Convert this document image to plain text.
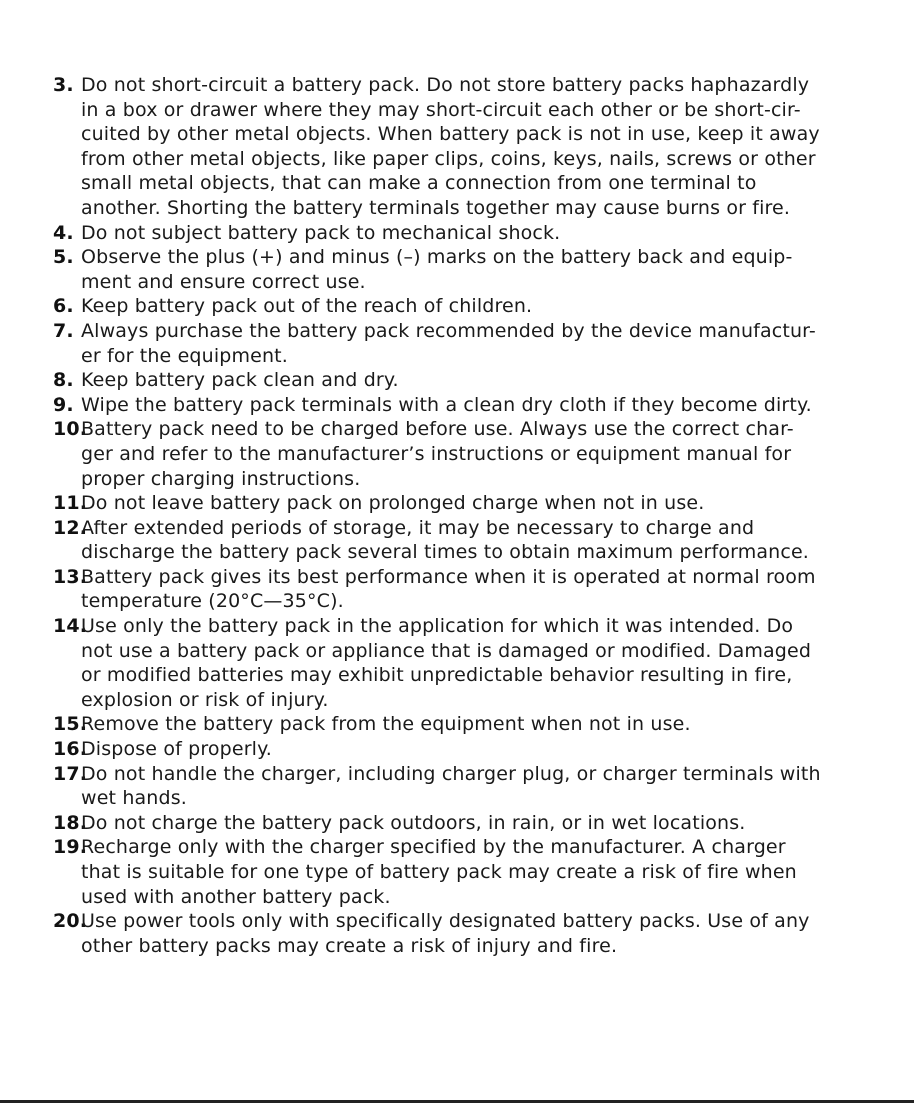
3. Do not short-circuit a battery pack. Do not store battery packs haphazardly
in a box or drawer where they may short-circuit each other or be short-cir-
cuited by other metal objects. When battery pack is not in use, keep it away
from other metal objects, like paper clips, coins, keys, nails, screws or other
small metal objects, that can make a connection from one terminal to
another. Shorting the battery terminals together may cause burns or fire.
4. Do not subject battery pack to mechanical shock.
5. Observe the plus (+) and minus (–) marks on the battery back and equip-
ment and ensure correct use.
6. Keep battery pack out of the reach of children.
7. Always purchase the battery pack recommended by the device manufactur-
er for the equipment.
8. Keep battery pack clean and dry.
9. Wipe the battery pack terminals with a clean dry cloth if they become dirty.
10.
Battery pack need to be charged before use. Always use the correct char-
ger and refer to the manufacturer’s instructions or equipment manual for
proper charging instructions.
11.
Do not leave battery pack on prolonged charge when not in use.
12.
After extended periods of storage, it may be necessary to charge and
discharge the battery pack several times to obtain maximum performance.
13.
Battery pack gives its best performance when it is operated at normal room
temperature (20°C—35°C).
14.
Use only the battery pack in the application for which it was intended. Do
not use a battery pack or appliance that is damaged or modified. Damaged
or modified batteries may exhibit unpredictable behavior resulting in fire,
explosion or risk of injury.
15.
Remove the battery pack from the equipment when not in use.
16.
Dispose of properly.
17.
Do not handle the charger, including charger plug, or charger terminals with
wet hands.
18.
Do not charge the battery pack outdoors, in rain, or in wet locations.
19.
Recharge only with the charger specified by the manufacturer. A charger
that is suitable for one type of battery pack may create a risk of fire when
used with another battery pack.
20.
Use power tools only with specifically designated battery packs. Use of any
other battery packs may create a risk of injury and fire.
